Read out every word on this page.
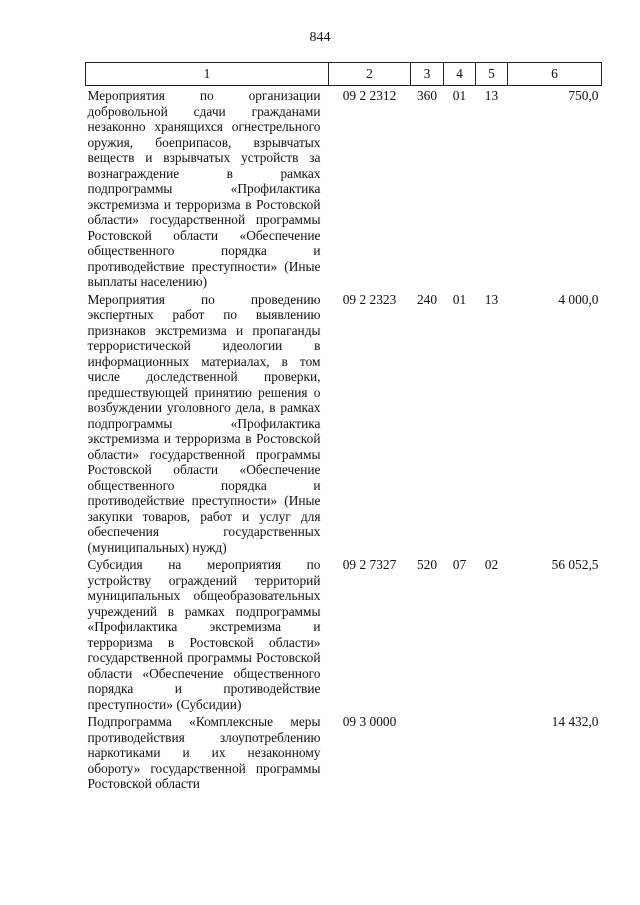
844
1	2	3	4	5	6
Мероприятия по организации добровольной сдачи гражданами незаконно хранящихся огнестрельного оружия, боеприпасов, взрывчатых веществ и взрывчатых устройств за вознаграждение в рамках подпрограммы «Профилактика экстремизма и терроризма в Ростовской области» государственной программы Ростовской области «Обеспечение общественного порядка и противодействие преступности» (Иные выплаты населению)	09 2 2312	360	01	13	750,0
Мероприятия по проведению экспертных работ по выявлению признаков экстремизма и пропаганды террористической идеологии в информационных материалах, в том числе доследственной проверки, предшествующей принятию решения о возбуждении уголовного дела, в рамках подпрограммы «Профилактика экстремизма и терроризма в Ростовской области» государственной программы Ростовской области «Обеспечение общественного порядка и противодействие преступности» (Иные закупки товаров, работ и услуг для обеспечения государственных (муниципальных) нужд)	09 2 2323	240	01	13	4 000,0
Субсидия на мероприятия по устройству ограждений территорий муниципальных общеобразовательных учреждений в рамках подпрограммы «Профилактика экстремизма и терроризма в Ростовской области» государственной программы Ростовской области «Обеспечение общественного порядка и противодействие преступности» (Субсидии)	09 2 7327	520	07	02	56 052,5
Подпрограмма «Комплексные меры противодействия злоупотреблению наркотиками и их незаконному обороту» государственной программы Ростовской области	09 3 0000				14 432,0
